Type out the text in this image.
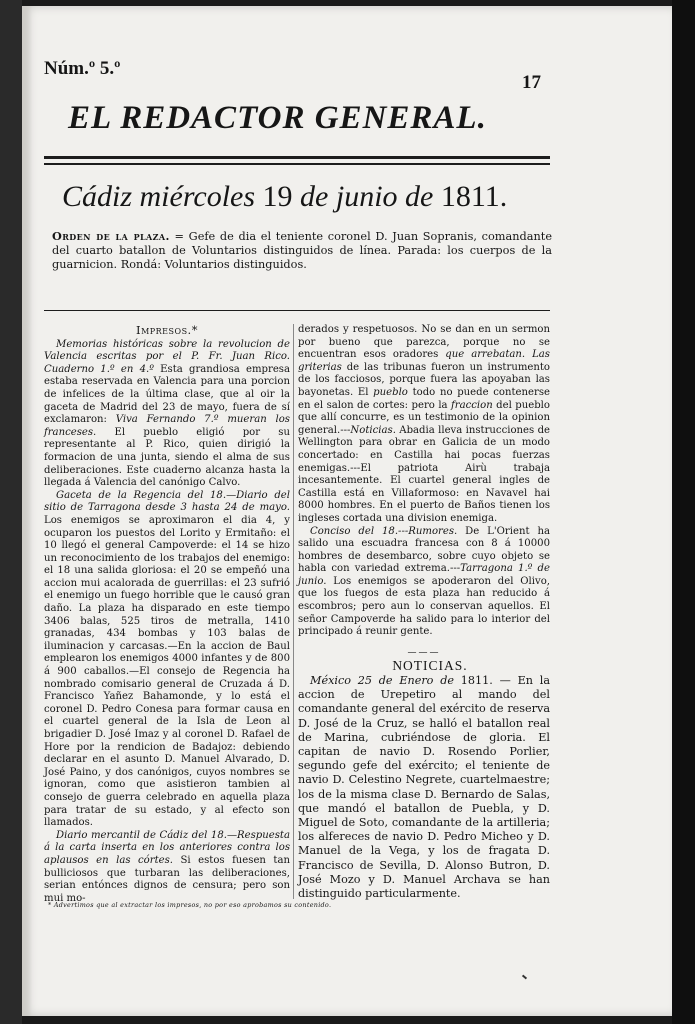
Núm.º 5.º
17
EL REDACTOR GENERAL.
Cádiz miércoles 19 de junio de 1811.
Orden de la plaza. = Gefe de dia el teniente coronel D. Juan Sopranis, comandante del cuarto batallon de Voluntarios distinguidos de línea. Parada: los cuerpos de la guarnicion. Rondá: Voluntarios distinguidos.

Impresos.*

Memorias históricas sobre la revolucion de Valencia escritas por el P. Fr. Juan Rico. Cuaderno 1.º en 4.º Esta grandiosa empresa estaba reservada en Valencia para una porcion de infelices de la última clase, que al oir la gaceta de Madrid del 23 de mayo, fuera de sí exclamaron: Viva Fernando 7.º mueran los franceses. El pueblo eligió por su representante al P. Rico, quien dirigió la formacion de una junta, siendo el alma de sus deliberaciones. Este cuaderno alcanza hasta la llegada á Valencia del canónigo Calvo.

Gaceta de la Regencia del 18.—Diario del sitio de Tarragona desde 3 hasta 24 de mayo. Los enemigos se aproximaron el dia 4, y ocuparon los puestos del Lorito y Ermitaño: el 10 llegó el general Campoverde: el 14 se hizo un reconocimiento de los trabajos del enemigo: el 18 una salida gloriosa: el 20 se empeñó una accion mui acalorada de guerrillas: el 23 sufrió el enemigo un fuego horrible que le causó gran daño. La plaza ha disparado en este tiempo 3406 balas, 525 tiros de metralla, 1410 granadas, 434 bombas y 103 balas de iluminacion y carcasas.—En la accion de Baul emplearon los enemigos 4000 infantes y de 800 á 900 caballos.—El consejo de Regencia ha nombrado comisario general de Cruzada á D. Francisco Yañez Bahamonde, y lo está el coronel D. Pedro Conesa para formar causa en el cuartel general de la Isla de Leon al brigadier D. José Imaz y al coronel D. Rafael de Hore por la rendicion de Badajoz: debiendo declarar en el asunto D. Manuel Alvarado, D. José Paino, y dos canónigos, cuyos nombres se ignoran, como que asistieron tambien al consejo de guerra celebrado en aquella plaza para tratar de su estado, y al efecto son llamados.

Diario mercantil de Cádiz del 18.—Respuesta á la carta inserta en los anteriores contra los aplausos en las córtes. Si estos fuesen tan bulliciosos que turbaran las deliberaciones, serian entónces dignos de censura; pero son mui mo-

derados y respetuosos. No se dan en un sermon por bueno que parezca, porque no se encuentran esos oradores que arrebatan. Las griterias de las tribunas fueron un instrumento de los facciosos, porque fuera las apoyaban las bayonetas. El pueblo todo no puede contenerse en el salon de cortes: pero la fraccion del pueblo que allí concurre, es un testimonio de la opinion general.---Noticias. Abadia lleva instrucciones de Wellington para obrar en Galicia de un modo concertado: en Castilla hai pocas fuerzas enemigas.---El patriota Airù trabaja incesantemente. El cuartel general ingles de Castilla está en Villaformoso: en Navavel hai 8000 hombres. En el puerto de Baños tienen los ingleses cortada una division enemiga.

Conciso del 18.---Rumores. De L'Orient ha salido una escuadra francesa con 8 á 10000 hombres de desembarco, sobre cuyo objeto se habla con variedad extrema.---Tarragona 1.º de junio. Los enemigos se apoderaron del Olivo, que los fuegos de esta plaza han reducido á escombros; pero aun lo conservan aquellos. El señor Campoverde ha salido para lo interior del principado á reunir gente.

———

NOTICIAS.

México 25 de Enero de 1811. — En la accion de Urepetiro al mando del comandante general del exército de reserva D. José de la Cruz, se halló el batallon real de Marina, cubriéndose de gloria. El capitan de navio D. Rosendo Porlier, segundo gefe del exército; el teniente de navio D. Celestino Negrete, cuartelmaestre; los de la misma clase D. Bernardo de Salas, que mandó el batallon de Puebla, y D. Miguel de Soto, comandante de la artilleria; los alfereces de navio D. Pedro Micheo y D. Manuel de la Vega, y los de fragata D. Francisco de Sevilla, D. Alonso Butron, D. José Mozo y D. Manuel Archava se han distinguido particularmente.

* Advertimos que al extractar los impresos, no por eso aprobamos su contenido.
